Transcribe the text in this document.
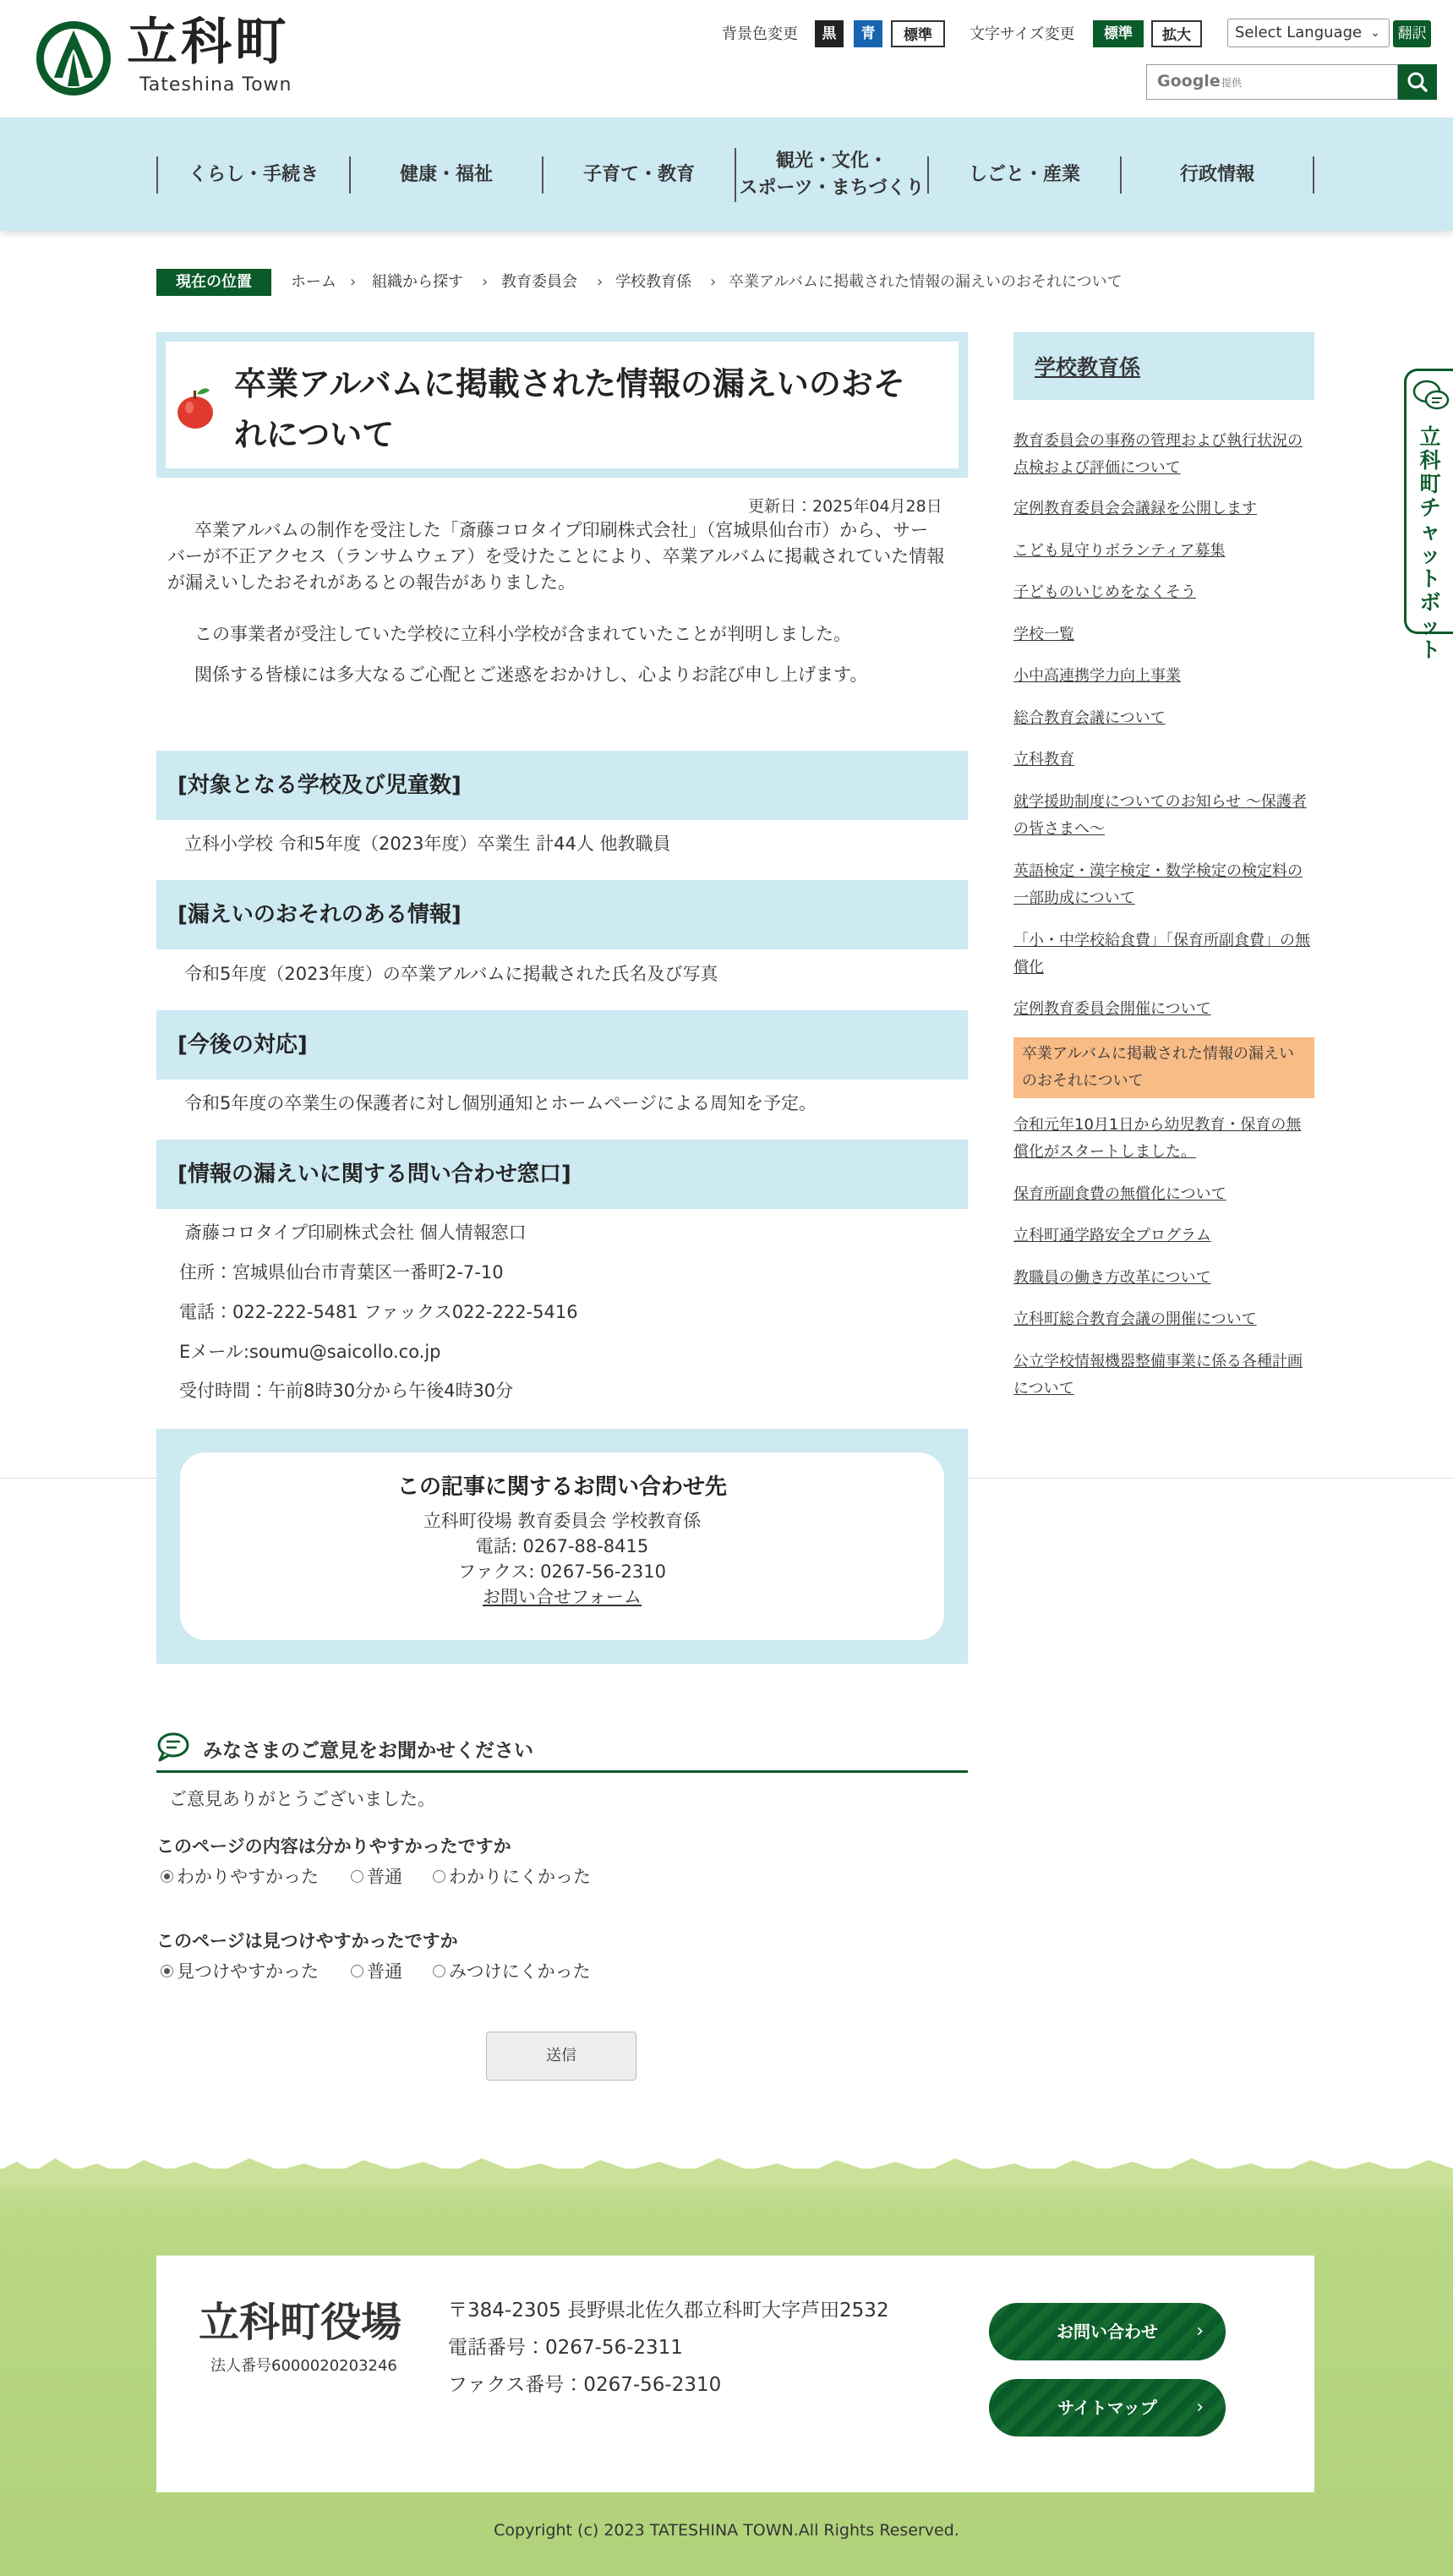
立科町
Tateshina Town
背景色変更	黒	青	標準	文字サイズ変更	標準	拡大	Select Language ⌄	翻訳
Google 提供
くらし・手続き	健康・福祉	子育て・教育
観光・文化・
スポーツ・まちづくり
しごと・産業	行政情報
現在の位置	ホーム › 組織から探す › 教育委員会 › 学校教育係 › 卒業アルバムに掲載された情報の漏えいのおそれについて
卒業アルバムに掲載された情報の漏えいのおそれについて
更新日：2025年04月28日

卒業アルバムの制作を受注した「斎藤コロタイプ印刷株式会社」（宮城県仙台市）から、サーバーが不正アクセス（ランサムウェア）を受けたことにより、卒業アルバムに掲載されていた情報が漏えいしたおそれがあるとの報告がありました。

この事業者が受注していた学校に立科小学校が含まれていたことが判明しました。

関係する皆様には多大なるご心配とご迷惑をおかけし、心よりお詫び申し上げます。

[対象となる学校及び児童数]
立科小学校 令和5年度（2023年度）卒業生 計44人 他教職員
[漏えいのおそれのある情報]
令和5年度（2023年度）の卒業アルバムに掲載された氏名及び写真
[今後の対応]
令和5年度の卒業生の保護者に対し個別通知とホームページによる周知を予定。
[情報の漏えいに関する問い合わせ窓口]
斎藤コロタイプ印刷株式会社 個人情報窓口
住所：宮城県仙台市青葉区一番町2-7-10
電話：022-222-5481 ファックス022-222-5416
Eメール:soumu@saicollo.co.jp
受付時間：午前8時30分から午後4時30分
この記事に関するお問い合わせ先
立科町役場 教育委員会 学校教育係
電話: 0267-88-8415
ファクス: 0267-56-2310
お問い合せフォーム
みなさまのご意見をお聞かせください
ご意見ありがとうございました。
このページの内容は分かりやすかったですか
わかりやすかった	普通	わかりにくかった
このページは見つけやすかったですか
見つけやすかった	普通	みつけにくかった
送信
学校教育係
教育委員会の事務の管理および執行状況の点検および評価について
定例教育委員会会議録を公開します
こども見守りボランティア募集
子どものいじめをなくそう
学校一覧
小中高連携学力向上事業
総合教育会議について
立科教育
就学援助制度についてのお知らせ ～保護者の皆さまへ～
英語検定・漢字検定・数学検定の検定料の一部助成について
「小・中学校給食費」「保育所副食費」の無償化
定例教育委員会開催について
卒業アルバムに掲載された情報の漏えいのおそれについて
令和元年10月1日から幼児教育・保育の無償化がスタートしました。
保育所副食費の無償化について
立科町通学路安全プログラム
教職員の働き方改革について
立科町総合教育会議の開催について
公立学校情報機器整備事業に係る各種計画について
立科町チャットボット
立科町役場
法人番号6000020203246
〒384-2305 長野県北佐久郡立科町大字芦田2532
電話番号：0267-56-2311
ファクス番号：0267-56-2310
お問い合わせ ›
サイトマップ ›
Copyright (c) 2023 TATESHINA TOWN.All Rights Reserved.
